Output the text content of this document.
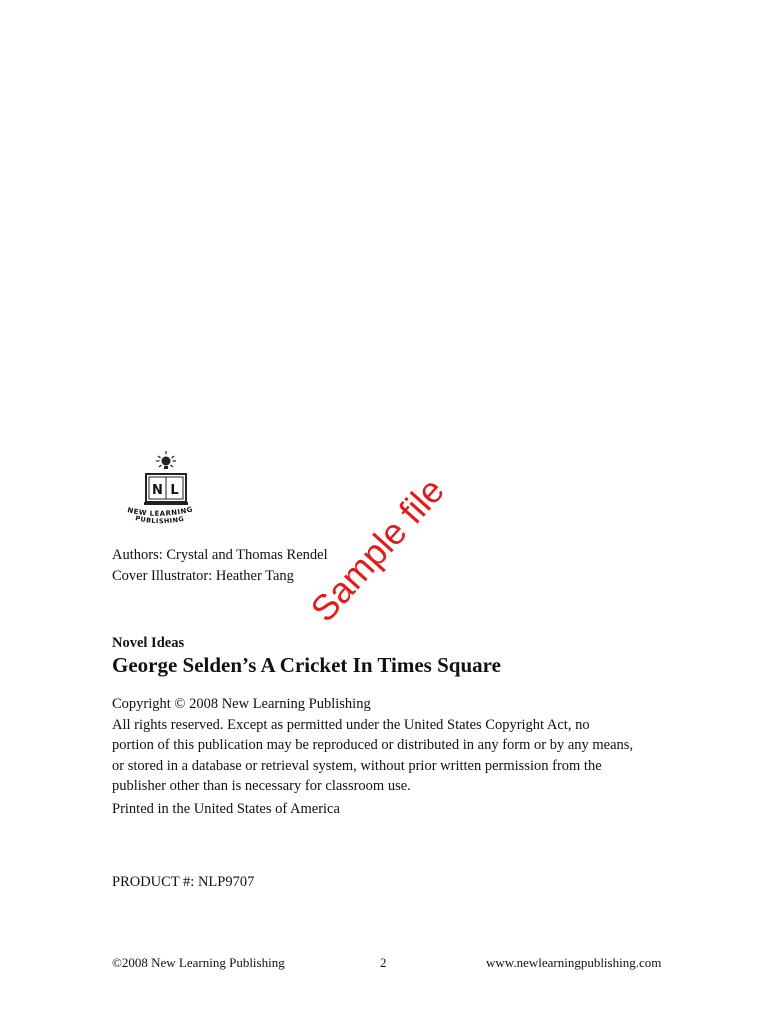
N L
NEW LEARNING
PUBLISHING
Authors: Crystal and Thomas Rendel
Cover Illustrator: Heather Tang Sample file
Novel Ideas
George Selden’s A Cricket In Times Square
Copyright © 2008 New Learning Publishing
All rights reserved. Except as permitted under the United States Copyright Act, no
portion of this publication may be reproduced or distributed in any form or by any means,
or stored in a database or retrieval system, without prior written permission from the
publisher other than is necessary for classroom use.
Printed in the United States of America
PRODUCT #: NLP9707
©2008 New Learning Publishing	2	www.newlearningpublishing.com
